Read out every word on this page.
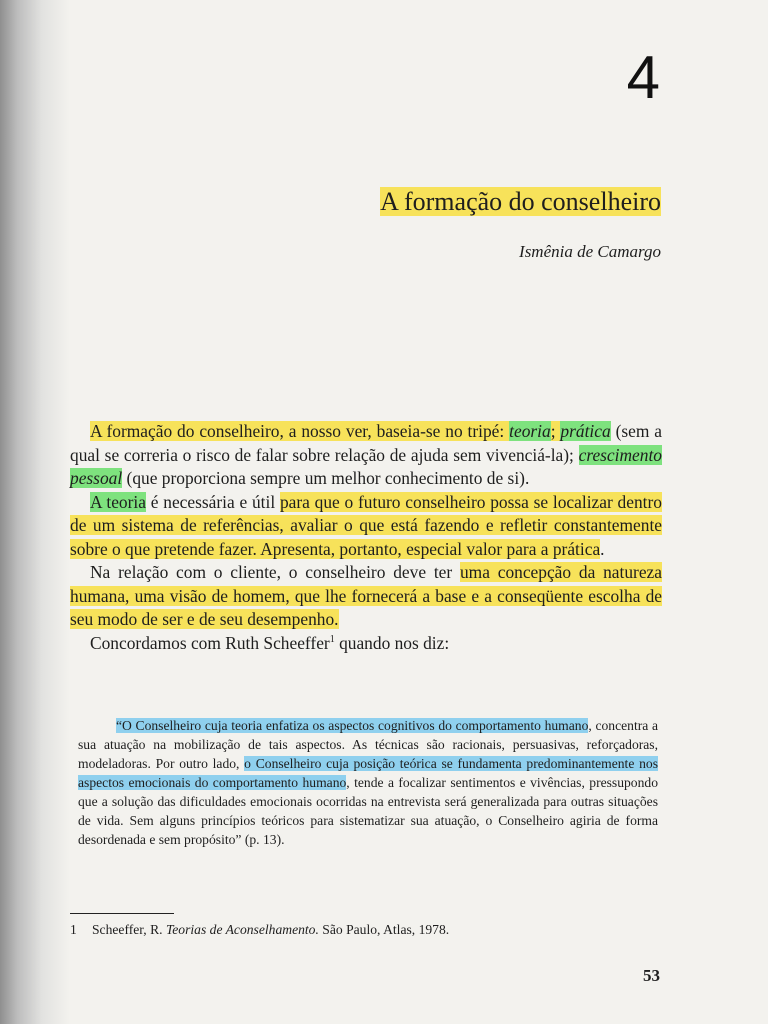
4
A formação do conselheiro
Ismênia de Camargo

A formação do conselheiro, a nosso ver, baseia-se no tripé: teoria; prática (sem a qual se correria o risco de falar sobre relação de ajuda sem vivenciá-la); crescimento pessoal (que proporciona sempre um melhor conhecimento de si).

A teoria é necessária e útil para que o futuro conselheiro possa se localizar dentro de um sistema de referências, avaliar o que está fazendo e refletir constantemente sobre o que pretende fazer. Apresenta, portanto, especial valor para a prática.

Na relação com o cliente, o conselheiro deve ter uma concepção da natureza humana, uma visão de homem, que lhe fornecerá a base e a conseqüente escolha de seu modo de ser e de seu desempenho.

Concordamos com Ruth Scheeffer$^1$ quando nos diz:

“O Conselheiro cuja teoria enfatiza os aspectos cognitivos do comportamento humano, concentra a sua atuação na mobilização de tais aspectos. As técnicas são racionais, persuasivas, reforçadoras, modeladoras. Por outro lado, o Conselheiro cuja posição teórica se fundamenta predominantemente nos aspectos emocionais do comportamento humano, tende a focalizar sentimentos e vivências, pressupondo que a solução das dificuldades emocionais ocorridas na entrevista será generalizada para outras situações de vida. Sem alguns princípios teóricos para sistematizar sua atuação, o Conselheiro agiria de forma desordenada e sem propósito” (p. 13).
1 Scheeffer, R. Teorias de Aconselhamento. São Paulo, Atlas, 1978.
53
